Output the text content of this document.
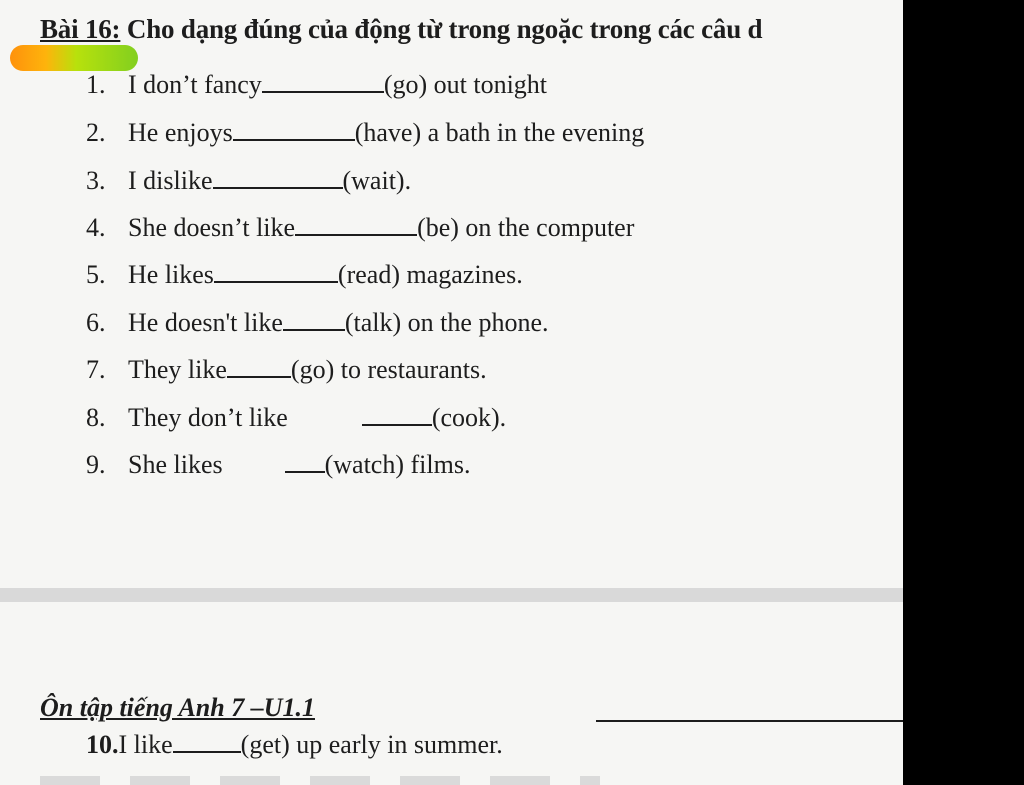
Bài 16: Cho dạng đúng của động từ trong ngoặc trong các câu d
1. I don’t fancy	(go) out tonight
2. He enjoys	(have) a bath in the evening
3. I dislike	(wait).
4. She doesn’t like	(be) on the computer
5. He likes	(read) magazines.
6. He doesn't like (talk) on the phone.
7. They like (go) to restaurants.
8. They don’t like	(cook).
9. She likes	(watch) films.
Ôn tập tiếng Anh 7 –U1.1
10.I like	(get) up early in summer.
